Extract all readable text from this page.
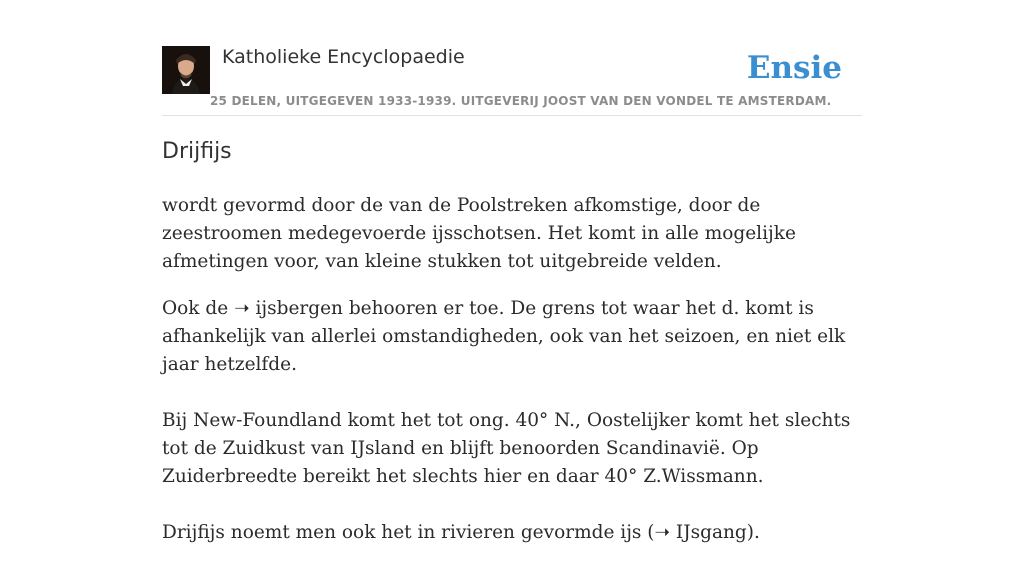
Katholieke Encyclopaedie
25 DELEN, UITGEGEVEN 1933-1939. UITGEVERIJ JOOST VAN DEN VONDEL TE AMSTERDAM.
Ensie
Drijfijs

wordt gevormd door de van de Poolstreken afkomstige, door de zeestroomen medegevoerde ijsschotsen. Het komt in alle mogelijke afmetingen voor, van kleine stukken tot uitgebreide velden.

Ook de ➝ ijsbergen behooren er toe. De grens tot waar het d. komt is afhankelijk van allerlei omstandigheden, ook van het seizoen, en niet elk jaar hetzelfde.

Bij New-Foundland komt het tot ong. 40° N., Oostelijker komt het slechts tot de Zuidkust van IJsland en blijft benoorden Scandinavië. Op Zuiderbreedte bereikt het slechts hier en daar 40° Z.Wissmann.

Drijfijs noemt men ook het in rivieren gevormde ijs (➝ IJsgang).
